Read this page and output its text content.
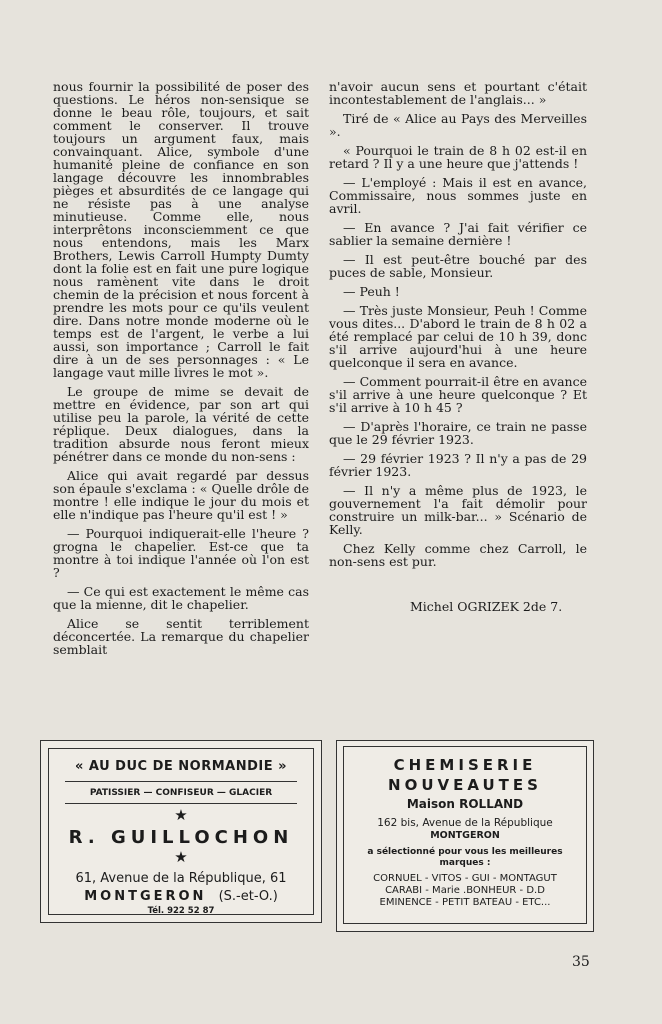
nous fournir la possibilité de poser des questions. Le héros non-sensique se donne le beau rôle, toujours, et sait comment le conserver. Il trouve toujours un argument faux, mais convainquant. Alice, symbole d'une humanité pleine de confiance en son langage découvre les innombrables pièges et absurdités de ce langage qui ne résiste pas à une analyse minutieuse. Comme elle, nous interprêtons inconsciemment ce que nous entendons, mais les Marx Brothers, Lewis Carroll Humpty Dumty dont la folie est en fait une pure logique nous ramènent vite dans le droit chemin de la précision et nous forcent à prendre les mots pour ce qu'ils veulent dire. Dans notre monde moderne où le temps est de l'argent, le verbe a lui aussi, son importance ; Carroll le fait dire à un de ses personnages : « Le langage vaut mille livres le mot ».

Le groupe de mime se devait de mettre en évidence, par son art qui utilise peu la parole, la vérité de cette réplique. Deux dialogues, dans la tradition absurde nous feront mieux pénétrer dans ce monde du non-sens :

Alice qui avait regardé par dessus son épaule s'exclama : « Quelle drôle de montre ! elle indique le jour du mois et elle n'indique pas l'heure qu'il est ! »

— Pourquoi indiquerait-elle l'heure ? grogna le chapelier. Est-ce que ta montre à toi indique l'année où l'on est ?

— Ce qui est exactement le même cas que la mienne, dit le chapelier.

Alice se sentit terriblement déconcertée. La remarque du chapelier semblait

n'avoir aucun sens et pourtant c'était incontestablement de l'anglais... »

Tiré de « Alice au Pays des Merveilles ».

« Pourquoi le train de 8 h 02 est-il en retard ? Il y a une heure que j'attends !

— L'employé : Mais il est en avance, Commissaire, nous sommes juste en avril.

— En avance ? J'ai fait vérifier ce sablier la semaine dernière !

— Il est peut-être bouché par des puces de sable, Monsieur.

— Peuh !

— Très juste Monsieur, Peuh ! Comme vous dites... D'abord le train de 8 h 02 a été remplacé par celui de 10 h 39, donc s'il arrive aujourd'hui à une heure quelconque il sera en avance.

— Comment pourrait-il être en avance s'il arrive à une heure quelconque ? Et s'il arrive à 10 h 45 ?

— D'après l'horaire, ce train ne passe que le 29 février 1923.

— 29 février 1923 ? Il n'y a pas de 29 février 1923.

— Il n'y a même plus de 1923, le gouvernement l'a fait démolir pour construire un milk-bar... » Scénario de Kelly.

Chez Kelly comme chez Carroll, le non-sens est pur.

Michel OGRIZEK 2de 7.
« AU DUC DE NORMANDIE »
PATISSIER — CONFISEUR — GLACIER
★
R. GUILLOCHON
★
61, Avenue de la République, 61
MONTGERON (S.-et-O.)
Tél. 922 52 87
CHEMISERIE
NOUVEAUTES
Maison ROLLAND
162 bis, Avenue de la République
MONTGERON
a sélectionné pour vous les meilleures
marques :
CORNUEL - VITOS - GUI - MONTAGUT
CARABI - Marie .BONHEUR - D.D
EMINENCE - PETIT BATEAU - ETC...
35
